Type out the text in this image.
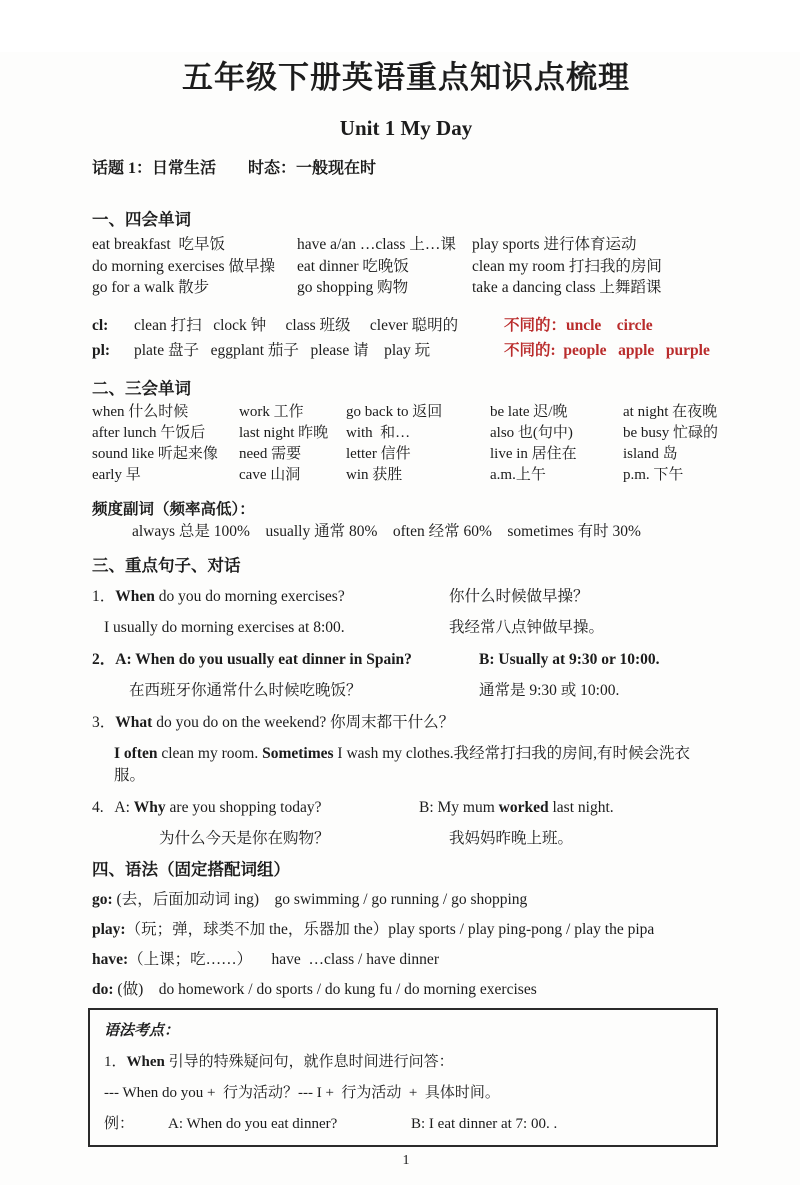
五年级下册英语重点知识点梳理
Unit 1 My Day
话题 1：日常生活 时态：一般现在时
一、四会单词
eat breakfast  吃早饭	have a/an …class 上…课	play sports 进行体育运动
do morning exercises 做早操	eat dinner 吃晚饭	clean my room 打扫我的房间
go for a walk 散步	go shopping 购物	take a dancing class 上舞蹈课
cl:	clean 打扫   clock 钟     class 班级     clever 聪明的	不同的：uncle    circle
pl:	plate 盘子   eggplant 茄子   please 请    play 玩	不同的:  people   apple   purple
二、三会单词
when 什么时候	work 工作	go back to 返回	be late 迟/晚	at night 在夜晚
after lunch 午饭后	last night 昨晚	with  和…	also 也(句中)	be busy 忙碌的
sound like 听起来像	need 需要	letter 信件	live in 居住在	island 岛
early 早	cave 山洞	win 获胜	a.m.上午	p.m. 下午
频度副词（频率高低）：
always 总是 100%    usually 通常 80%    often 经常 60%    sometimes 有时 30%
三、重点句子、对话
1．When do you do morning exercises?	你什么时候做早操？
I usually do morning exercises at 8:00.	我经常八点钟做早操。
2．A: When do you usually eat dinner in Spain?	B: Usually at 9:30 or 10:00.
在西班牙你通常什么时候吃晚饭？	通常是 9:30 或 10:00.
3．What do you do on the weekend? 你周末都干什么？
I often clean my room. Sometimes I wash my clothes.我经常打扫我的房间,有时候会洗衣服。
4.   A: Why are you shopping today?	B: My mum worked last night.
为什么今天是你在购物？	我妈妈昨晚上班。
四、语法（固定搭配词组）
go: (去，后面加动词 ing)    go swimming / go running / go shopping
play:（玩；弹，球类不加 the，乐器加 the）play sports / play ping-pong / play the pipa
have:（上课；吃……）     have  …class / have dinner
do: (做)    do homework / do sports / do kung fu / do morning exercises
语法考点：
1．When 引导的特殊疑问句，就作息时间进行问答：
--- When do you +  行为活动？--- I +  行为活动  +  具体时间。
例：	A: When do you eat dinner?	B: I eat dinner at 7: 00. .
1
